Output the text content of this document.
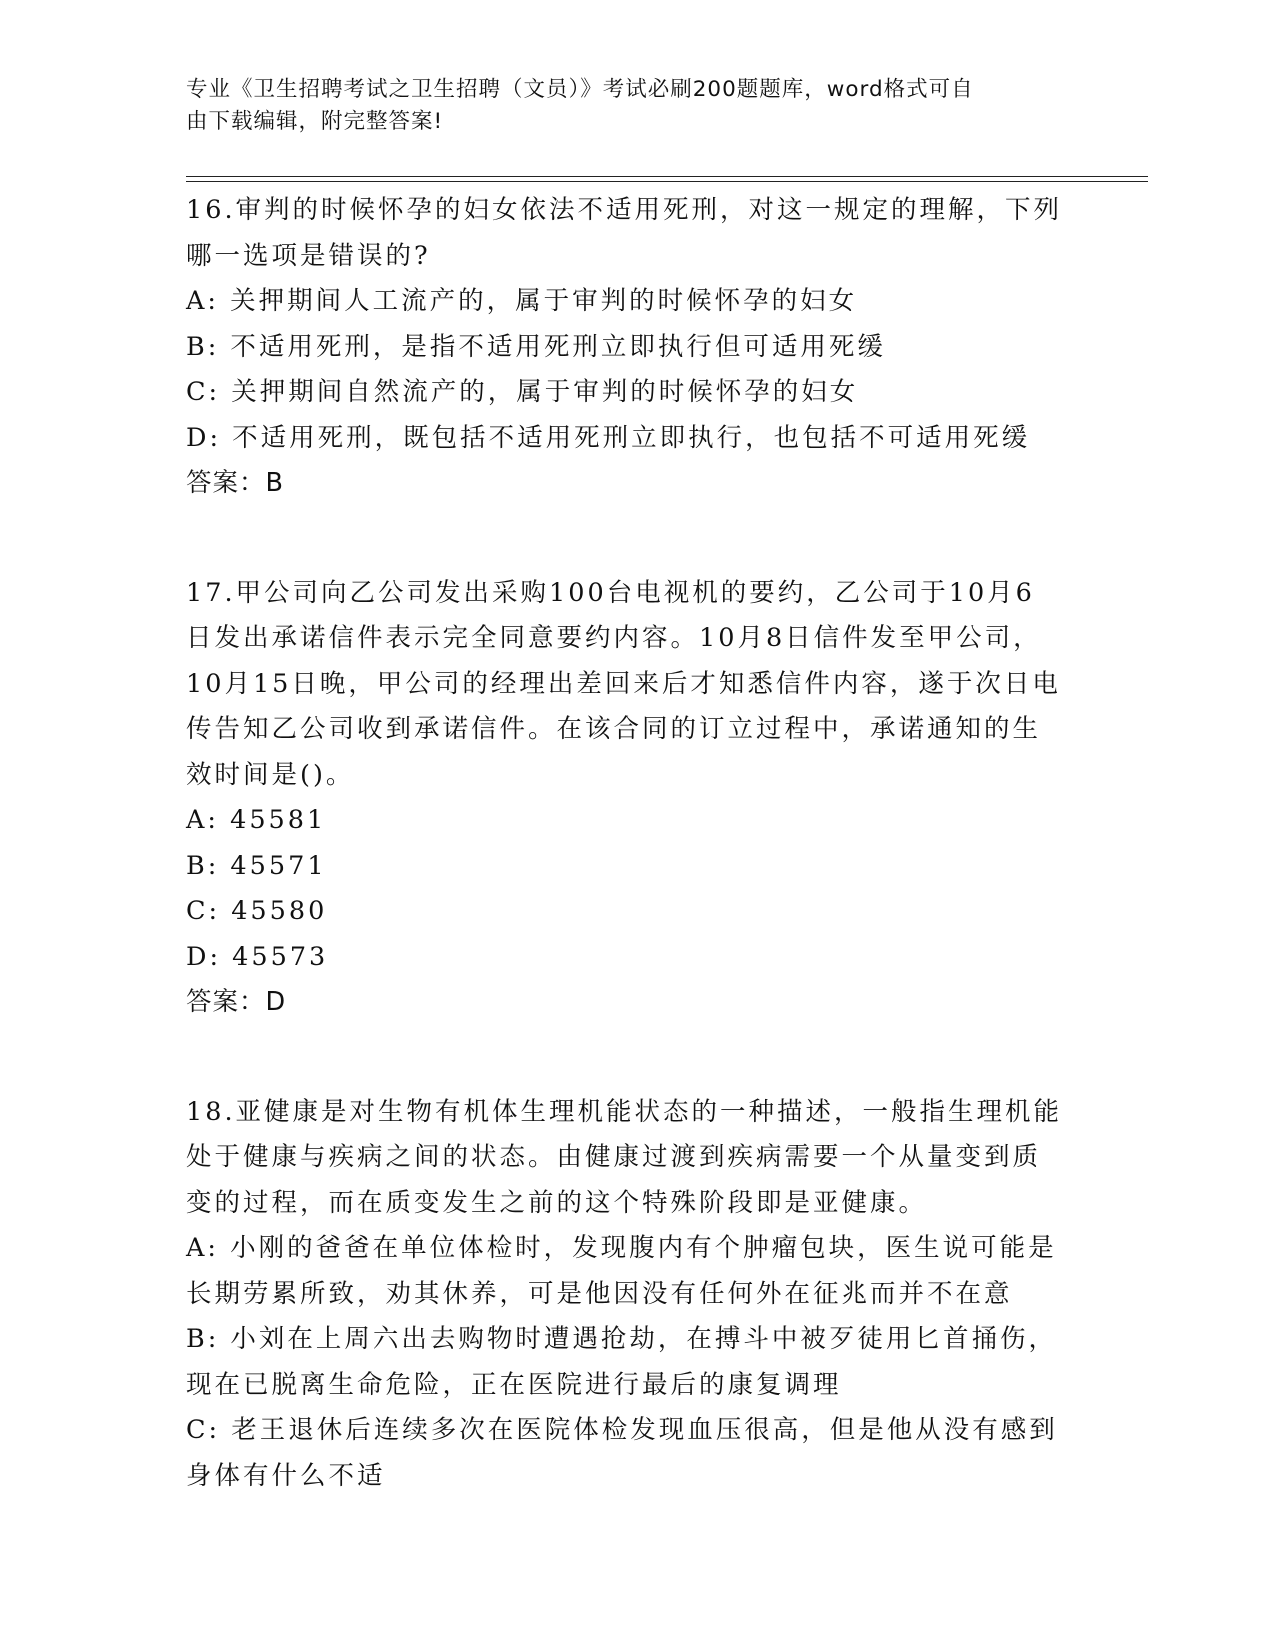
专业《卫生招聘考试之卫生招聘（文员）》考试必刷200题题库，word格式可自
由下载编辑，附完整答案!

16.审判的时候怀孕的妇女依法不适用死刑，对这一规定的理解，下列

哪一选项是错误的?

A: 关押期间人工流产的，属于审判的时候怀孕的妇女

B: 不适用死刑，是指不适用死刑立即执行但可适用死缓

C: 关押期间自然流产的，属于审判的时候怀孕的妇女

D: 不适用死刑，既包括不适用死刑立即执行，也包括不可适用死缓

答案：B

17.甲公司向乙公司发出采购100台电视机的要约，乙公司于10月6

日发出承诺信件表示完全同意要约内容。10月8日信件发至甲公司，

10月15日晚，甲公司的经理出差回来后才知悉信件内容，遂于次日电

传告知乙公司收到承诺信件。在该合同的订立过程中，承诺通知的生

效时间是()。

A: 45581

B: 45571

C: 45580

D: 45573

答案：D

18.亚健康是对生物有机体生理机能状态的一种描述，一般指生理机能

处于健康与疾病之间的状态。由健康过渡到疾病需要一个从量变到质

变的过程，而在质变发生之前的这个特殊阶段即是亚健康。

A: 小刚的爸爸在单位体检时，发现腹内有个肿瘤包块，医生说可能是

长期劳累所致，劝其休养，可是他因没有任何外在征兆而并不在意

B: 小刘在上周六出去购物时遭遇抢劫，在搏斗中被歹徒用匕首捅伤，

现在已脱离生命危险，正在医院进行最后的康复调理

C: 老王退休后连续多次在医院体检发现血压很高，但是他从没有感到

身体有什么不适
